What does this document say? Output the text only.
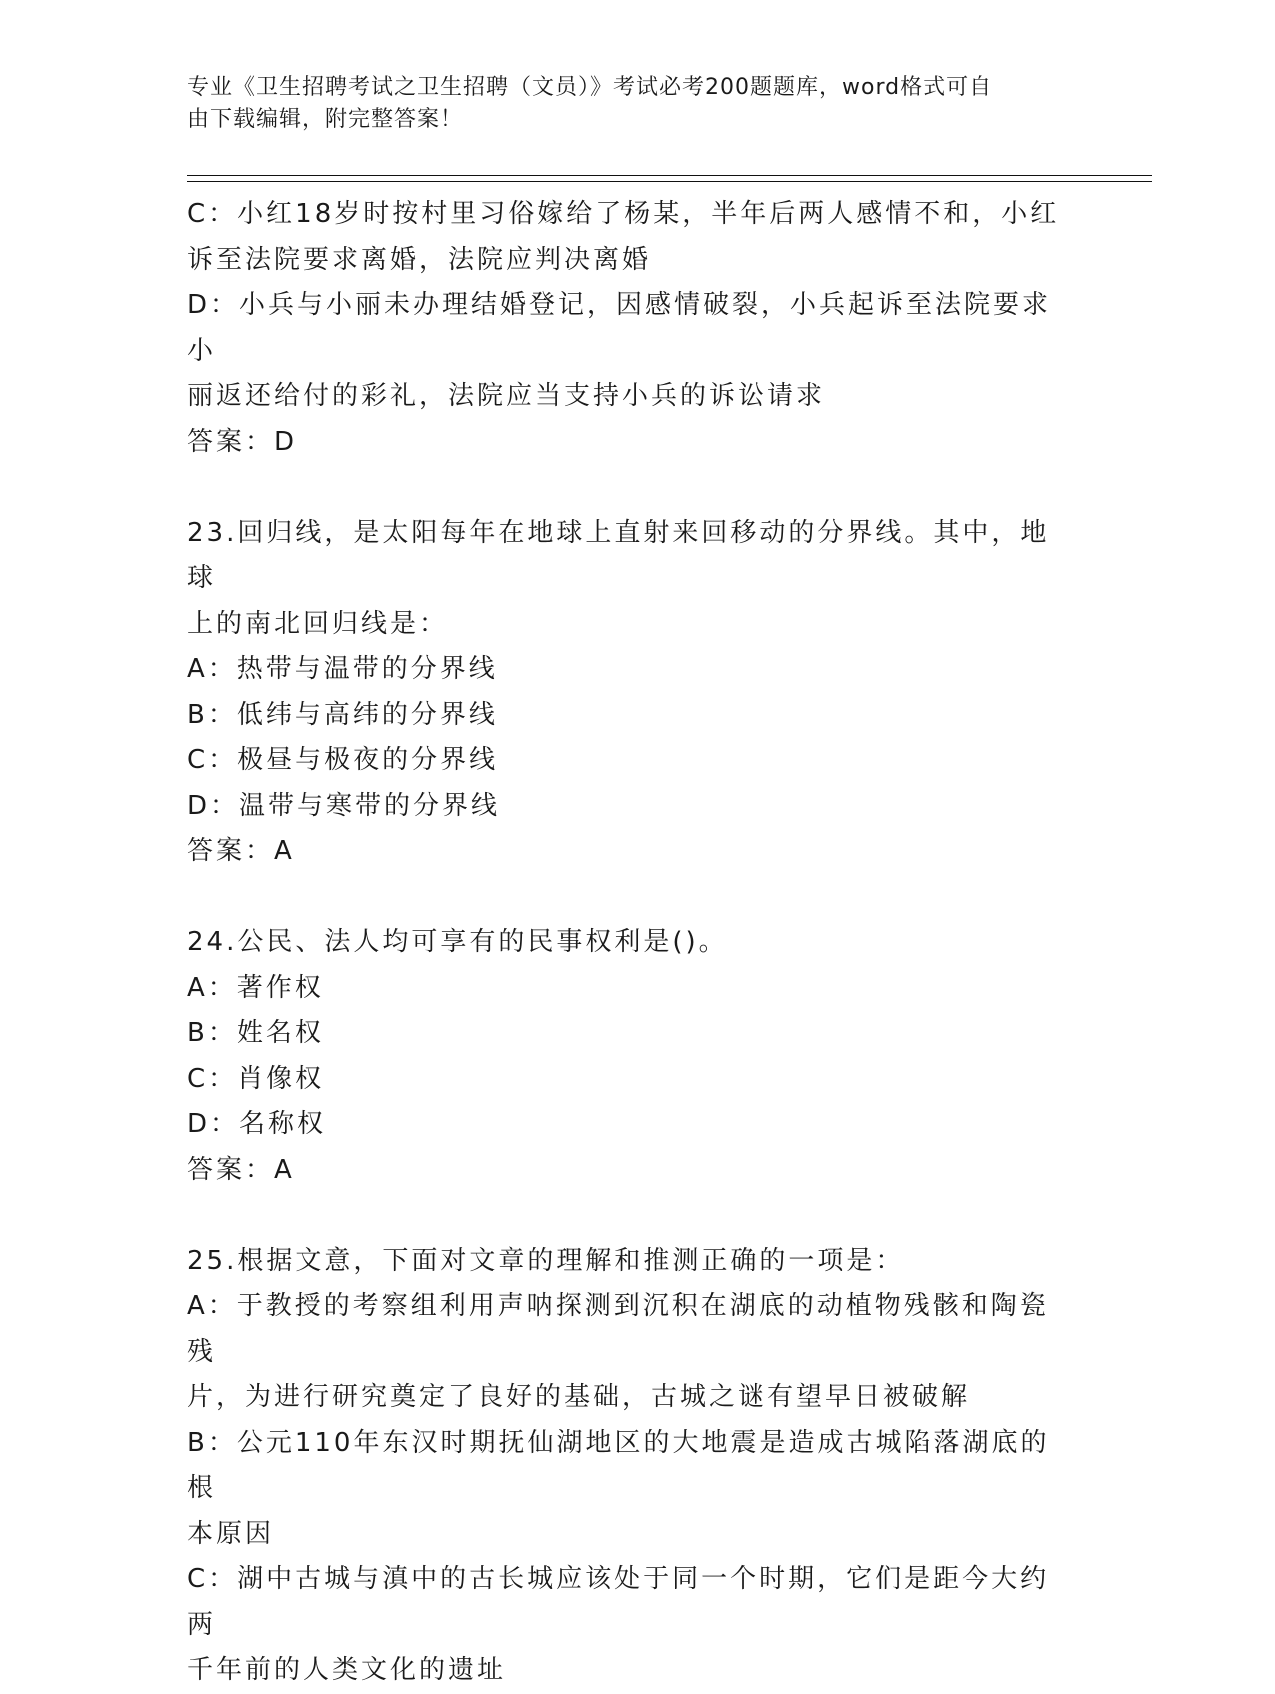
专业《卫生招聘考试之卫生招聘（文员）》考试必考200题题库，word格式可自
由下载编辑，附完整答案！

C：小红18岁时按村里习俗嫁给了杨某，半年后两人感情不和，小红

诉至法院要求离婚，法院应判决离婚

D：小兵与小丽未办理结婚登记，因感情破裂，小兵起诉至法院要求小

丽返还给付的彩礼，法院应当支持小兵的诉讼请求

答案：D

23.回归线，是太阳每年在地球上直射来回移动的分界线。其中，地球

上的南北回归线是：

A：热带与温带的分界线

B：低纬与高纬的分界线

C：极昼与极夜的分界线

D：温带与寒带的分界线

答案：A

24.公民、法人均可享有的民事权利是()。

A：著作权

B：姓名权

C：肖像权

D：名称权

答案：A

25.根据文意，下面对文章的理解和推测正确的一项是：

A：于教授的考察组利用声呐探测到沉积在湖底的动植物残骸和陶瓷残

片，为进行研究奠定了良好的基础，古城之谜有望早日被破解

B：公元110年东汉时期抚仙湖地区的大地震是造成古城陷落湖底的根

本原因

C：湖中古城与滇中的古长城应该处于同一个时期，它们是距今大约两

千年前的人类文化的遗址
